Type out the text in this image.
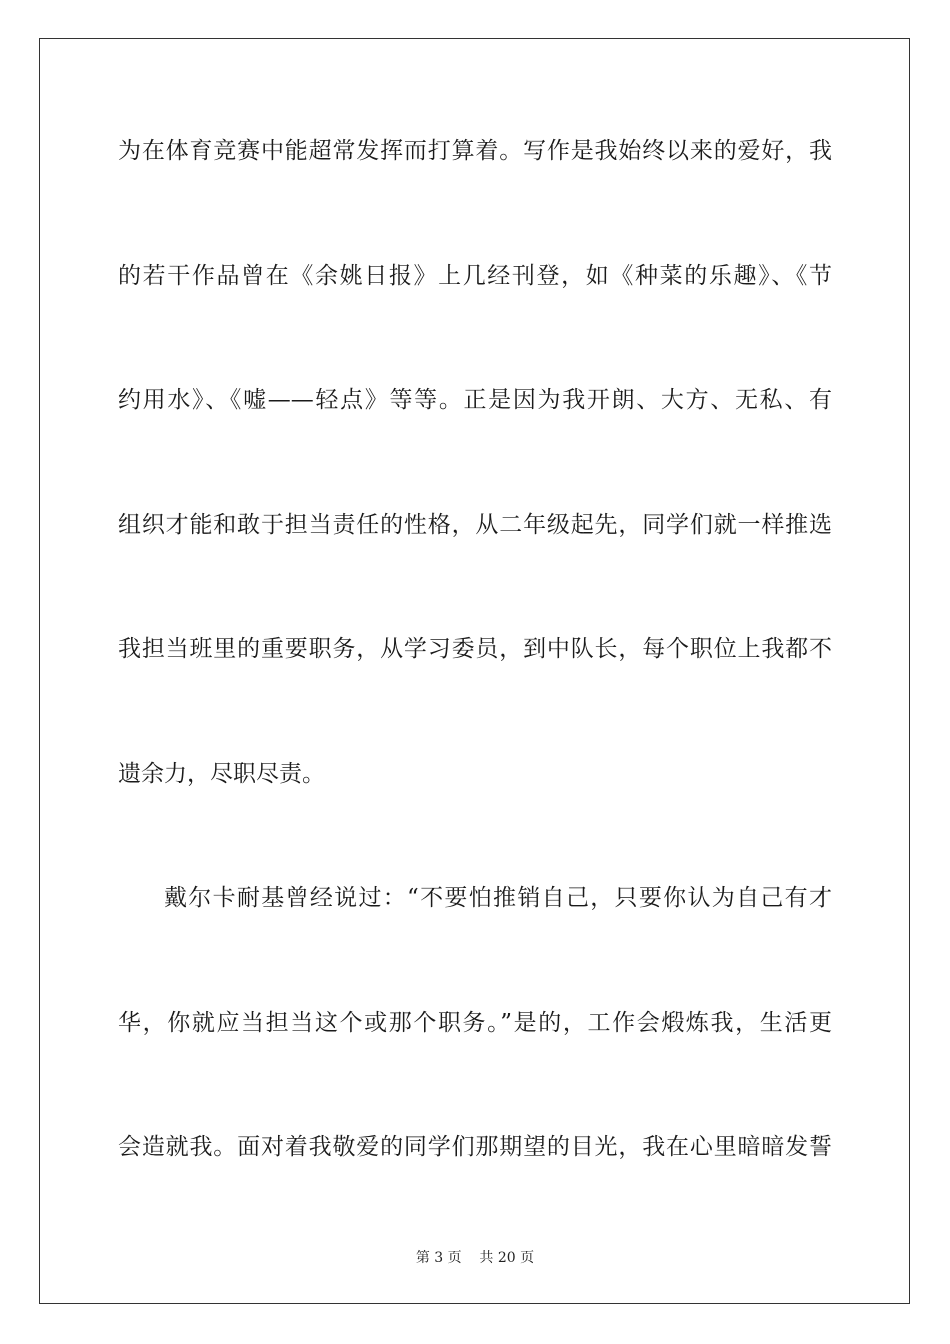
为在体育竞赛中能超常发挥而打算着。写作是我始终以来的爱好，我
的若干作品曾在《余姚日报》上几经刊登，如《种菜的乐趣》、《节
约用水》、《嘘——轻点》等等。正是因为我开朗、大方、无私、有
组织才能和敢于担当责任的性格，从二年级起先，同学们就一样推选
我担当班里的重要职务，从学习委员，到中队长，每个职位上我都不
遗余力，尽职尽责。
戴尔卡耐基曾经说过：“不要怕推销自己，只要你认为自己有才
华，你就应当担当这个或那个职务。”是的，工作会煅炼我，生活更
会造就我。面对着我敬爱的同学们那期望的目光，我在心里暗暗发誓
第 3 页    共 20 页
